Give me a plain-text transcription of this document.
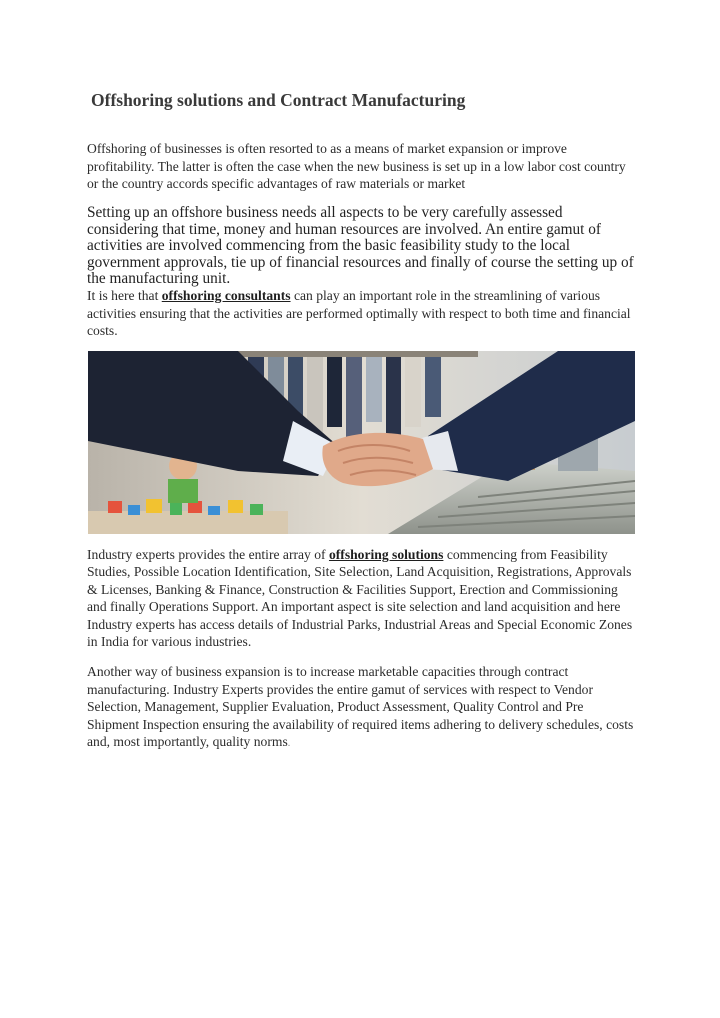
Offshoring solutions and Contract Manufacturing

Offshoring of businesses is often resorted to as a means of market expansion or improve profitability. The latter is often the case when the new business is set up in a low labor cost country or the country accords specific advantages of raw materials or market

Setting up an offshore business needs all aspects to be very carefully assessed considering that time, money and human resources are involved. An entire gamut of activities are involved commencing from the basic feasibility study to the local government approvals, tie up of financial resources and finally of course the setting up of the manufacturing unit.

It is here that offshoring consultants can play an important role in the streamlining of various activities ensuring that the activities are performed optimally with respect to both time and financial costs.

Industry experts provides the entire array of offshoring solutions commencing from Feasibility Studies, Possible Location Identification, Site Selection, Land Acquisition, Registrations, Approvals & Licenses, Banking & Finance, Construction & Facilities Support, Erection and Commissioning and finally Operations Support. An important aspect is site selection and land acquisition and here Industry experts has access details of Industrial Parks, Industrial Areas and Special Economic Zones in India for various industries.

Another way of business expansion is to increase marketable capacities through contract manufacturing. Industry Experts provides the entire gamut of services with respect to Vendor Selection, Management, Supplier Evaluation, Product Assessment, Quality Control and Pre Shipment Inspection ensuring the availability of required items adhering to delivery schedules, costs and, most importantly, quality norms.
